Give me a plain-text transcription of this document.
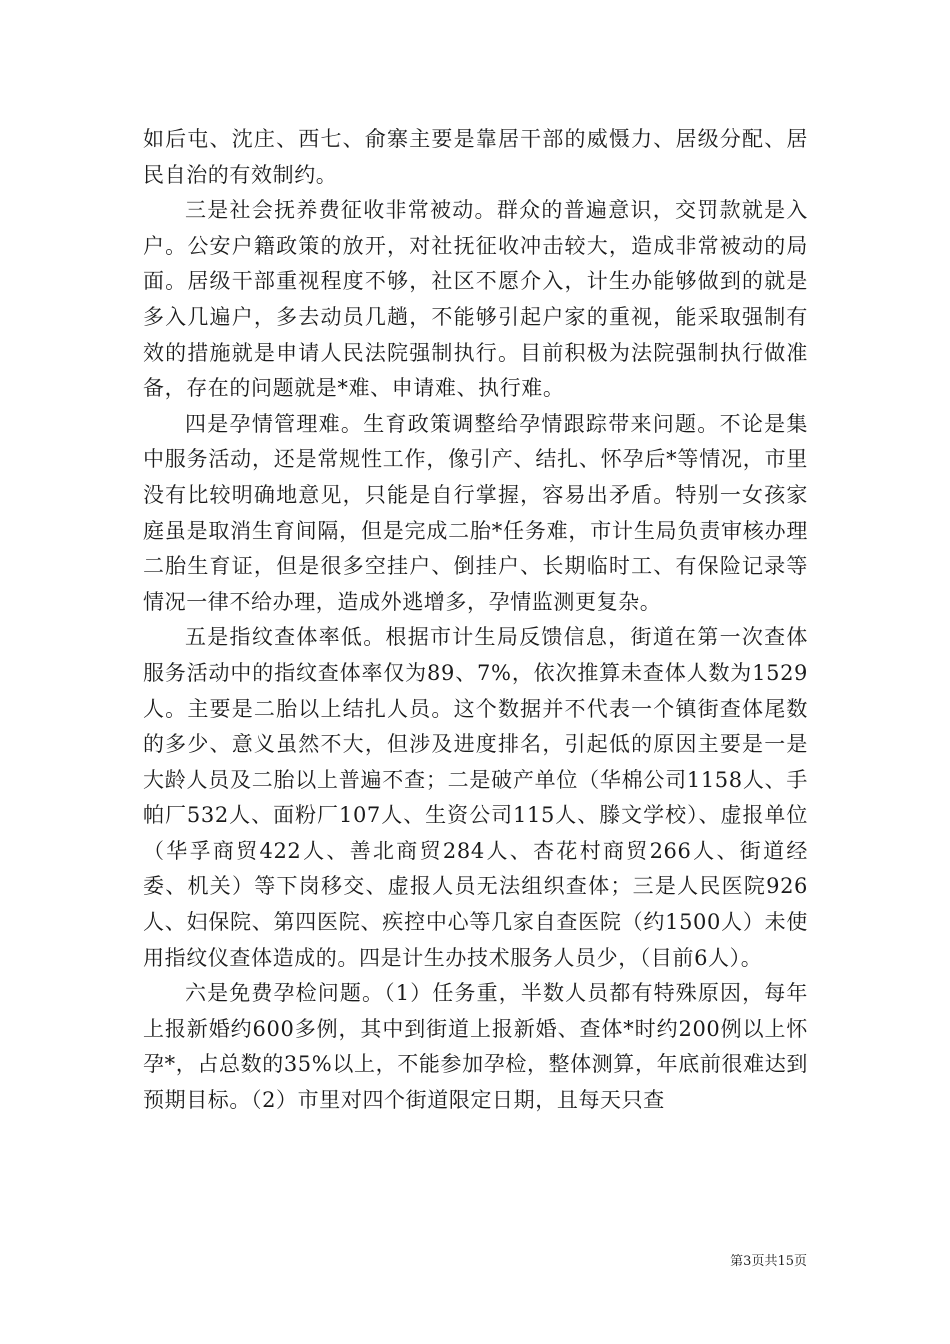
如后屯、沈庄、西七、俞寨主要是靠居干部的威慑力、居级分配、居民自治的有效制约。

三是社会抚养费征收非常被动。群众的普遍意识，交罚款就是入户。公安户籍政策的放开，对社抚征收冲击较大，造成非常被动的局面。居级干部重视程度不够，社区不愿介入，计生办能够做到的就是多入几遍户，多去动员几趟，不能够引起户家的重视，能采取强制有效的措施就是申请人民法院强制执行。目前积极为法院强制执行做准备，存在的问题就是*难、申请难、执行难。

四是孕情管理难。生育政策调整给孕情跟踪带来问题。不论是集中服务活动，还是常规性工作，像引产、结扎、怀孕后*等情况，市里没有比较明确地意见，只能是自行掌握，容易出矛盾。特别一女孩家庭虽是取消生育间隔，但是完成二胎*任务难，市计生局负责审核办理二胎生育证，但是很多空挂户、倒挂户、长期临时工、有保险记录等情况一律不给办理，造成外逃增多，孕情监测更复杂。

五是指纹查体率低。根据市计生局反馈信息，街道在第一次查体服务活动中的指纹查体率仅为89、7%，依次推算未查体人数为1529人。主要是二胎以上结扎人员。这个数据并不代表一个镇街查体尾数的多少、意义虽然不大，但涉及进度排名，引起低的原因主要是一是大龄人员及二胎以上普遍不查；二是破产单位（华棉公司1158人、手帕厂532人、面粉厂107人、生资公司115人、滕文学校）、虚报单位（华孚商贸422人、善北商贸284人、杏花村商贸266人、街道经委、机关）等下岗移交、虚报人员无法组织查体；三是人民医院926人、妇保院、第四医院、疾控中心等几家自查医院（约1500人）未使用指纹仪查体造成的。四是计生办技术服务人员少，（目前6人）。

六是免费孕检问题。（1）任务重，半数人员都有特殊原因，每年上报新婚约600多例，其中到街道上报新婚、查体*时约200例以上怀孕*，占总数的35%以上，不能参加孕检，整体测算，年底前很难达到预期目标。（2）市里对四个街道限定日期，且每天只查

第3页共15页
